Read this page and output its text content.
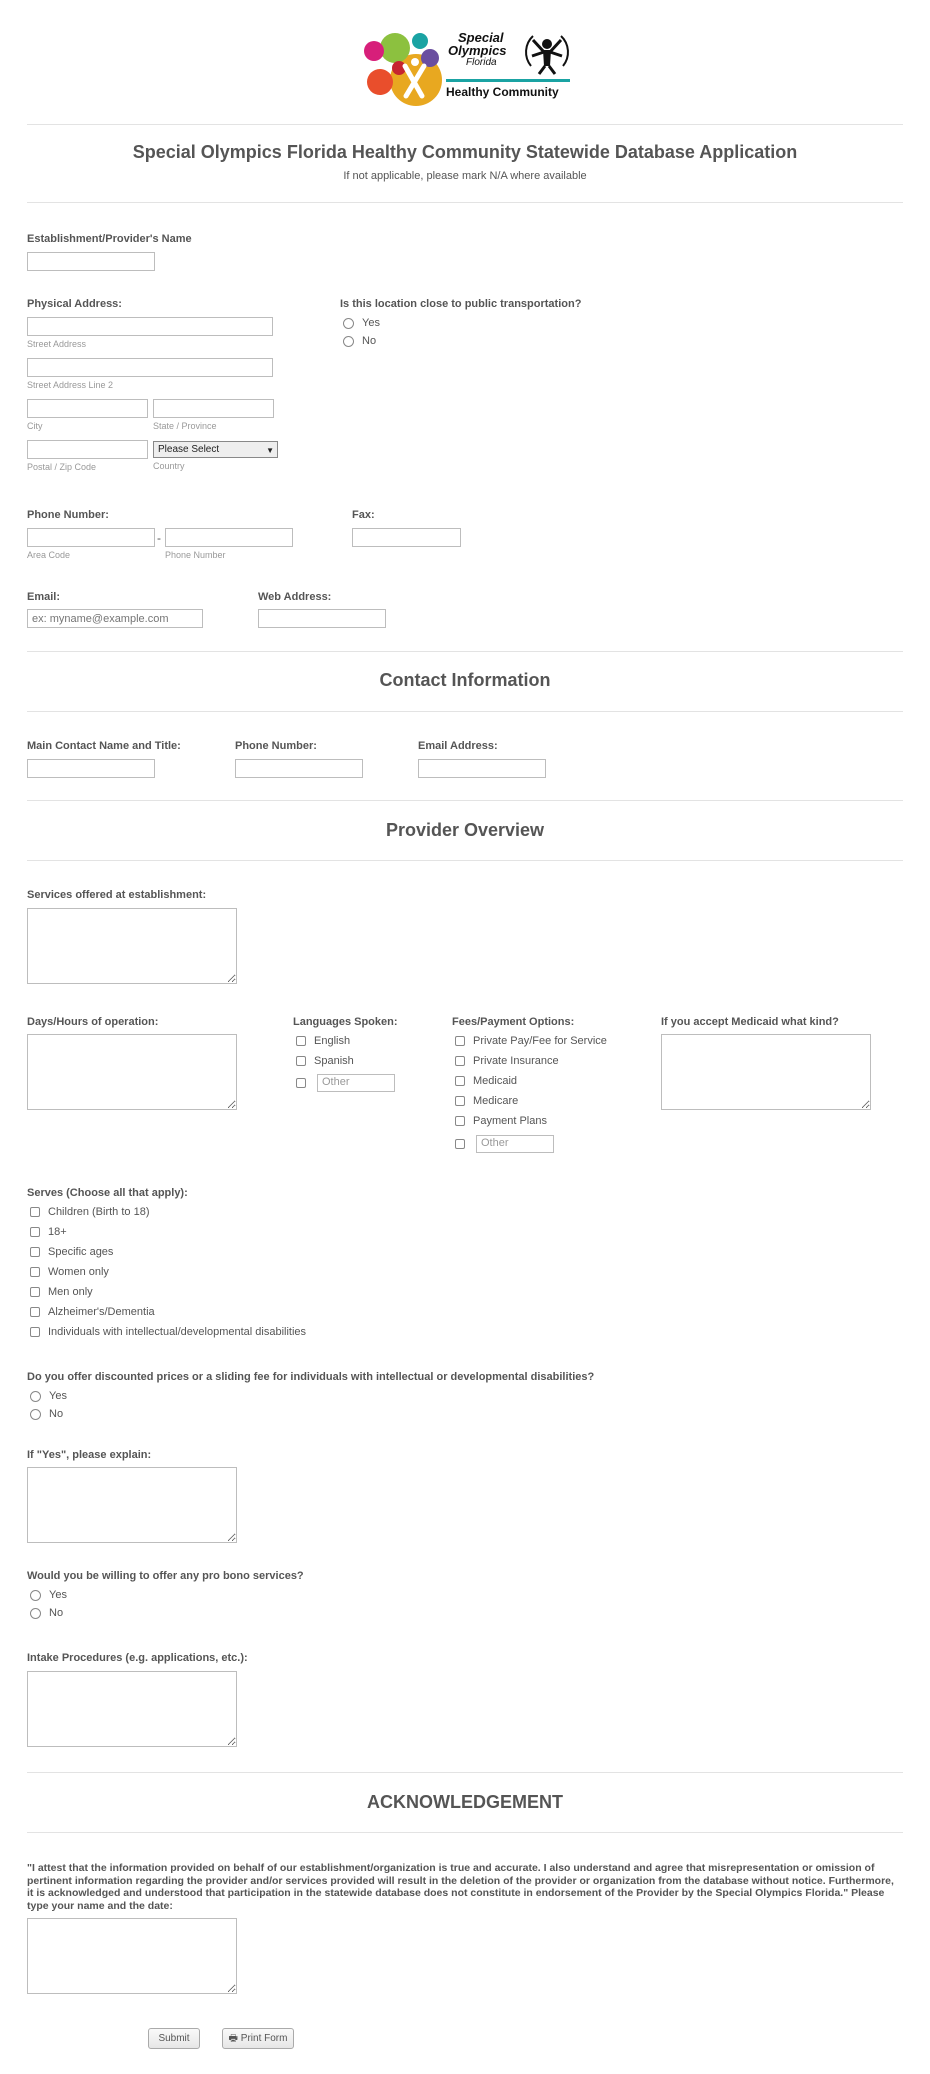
Special
Olympics
Florida
Healthy Community
Special Olympics Florida Healthy Community Statewide Database Application
If not applicable, please mark N/A where available
Establishment/Provider's Name
Physical Address:
Street Address
Street Address Line 2
City	State / Province
Postal / Zip Code
Please Select	▼
Country
Is this location close to public transportation?
Yes
No
Phone Number:
-
Area Code	Phone Number
Fax:
Email:
ex: myname@example.com	Web Address:
Contact Information
Main Contact Name and Title:	Phone Number:	Email Address:
Provider Overview
Services offered at establishment:
Days/Hours of operation:	Languages Spoken:
English
Spanish
Other
Fees/Payment Options:
Private Pay/Fee for Service
Private Insurance
Medicaid
Medicare
Payment Plans
Other
If you accept Medicaid what kind?
Serves (Choose all that apply):
Children (Birth to 18)
18+
Specific ages
Women only
Men only
Alzheimer's/Dementia
Individuals with intellectual/developmental disabilities
Do you offer discounted prices or a sliding fee for individuals with intellectual or developmental disabilities?
Yes
No
If "Yes", please explain:
Would you be willing to offer any pro bono services?
Yes
No
Intake Procedures (e.g. applications, etc.):
ACKNOWLEDGEMENT
"I attest that the information provided on behalf of our establishment/organization is true and accurate. I also understand and agree that misrepresentation or omission of pertinent information regarding the provider and/or services provided will result in the deletion of the provider or organization from the database without notice. Furthermore, it is acknowledged and understood that participation in the statewide database does not constitute in endorsement of the Provider by the Special Olympics Florida." Please type your name and the date:
Submit	🖶 Print Form
